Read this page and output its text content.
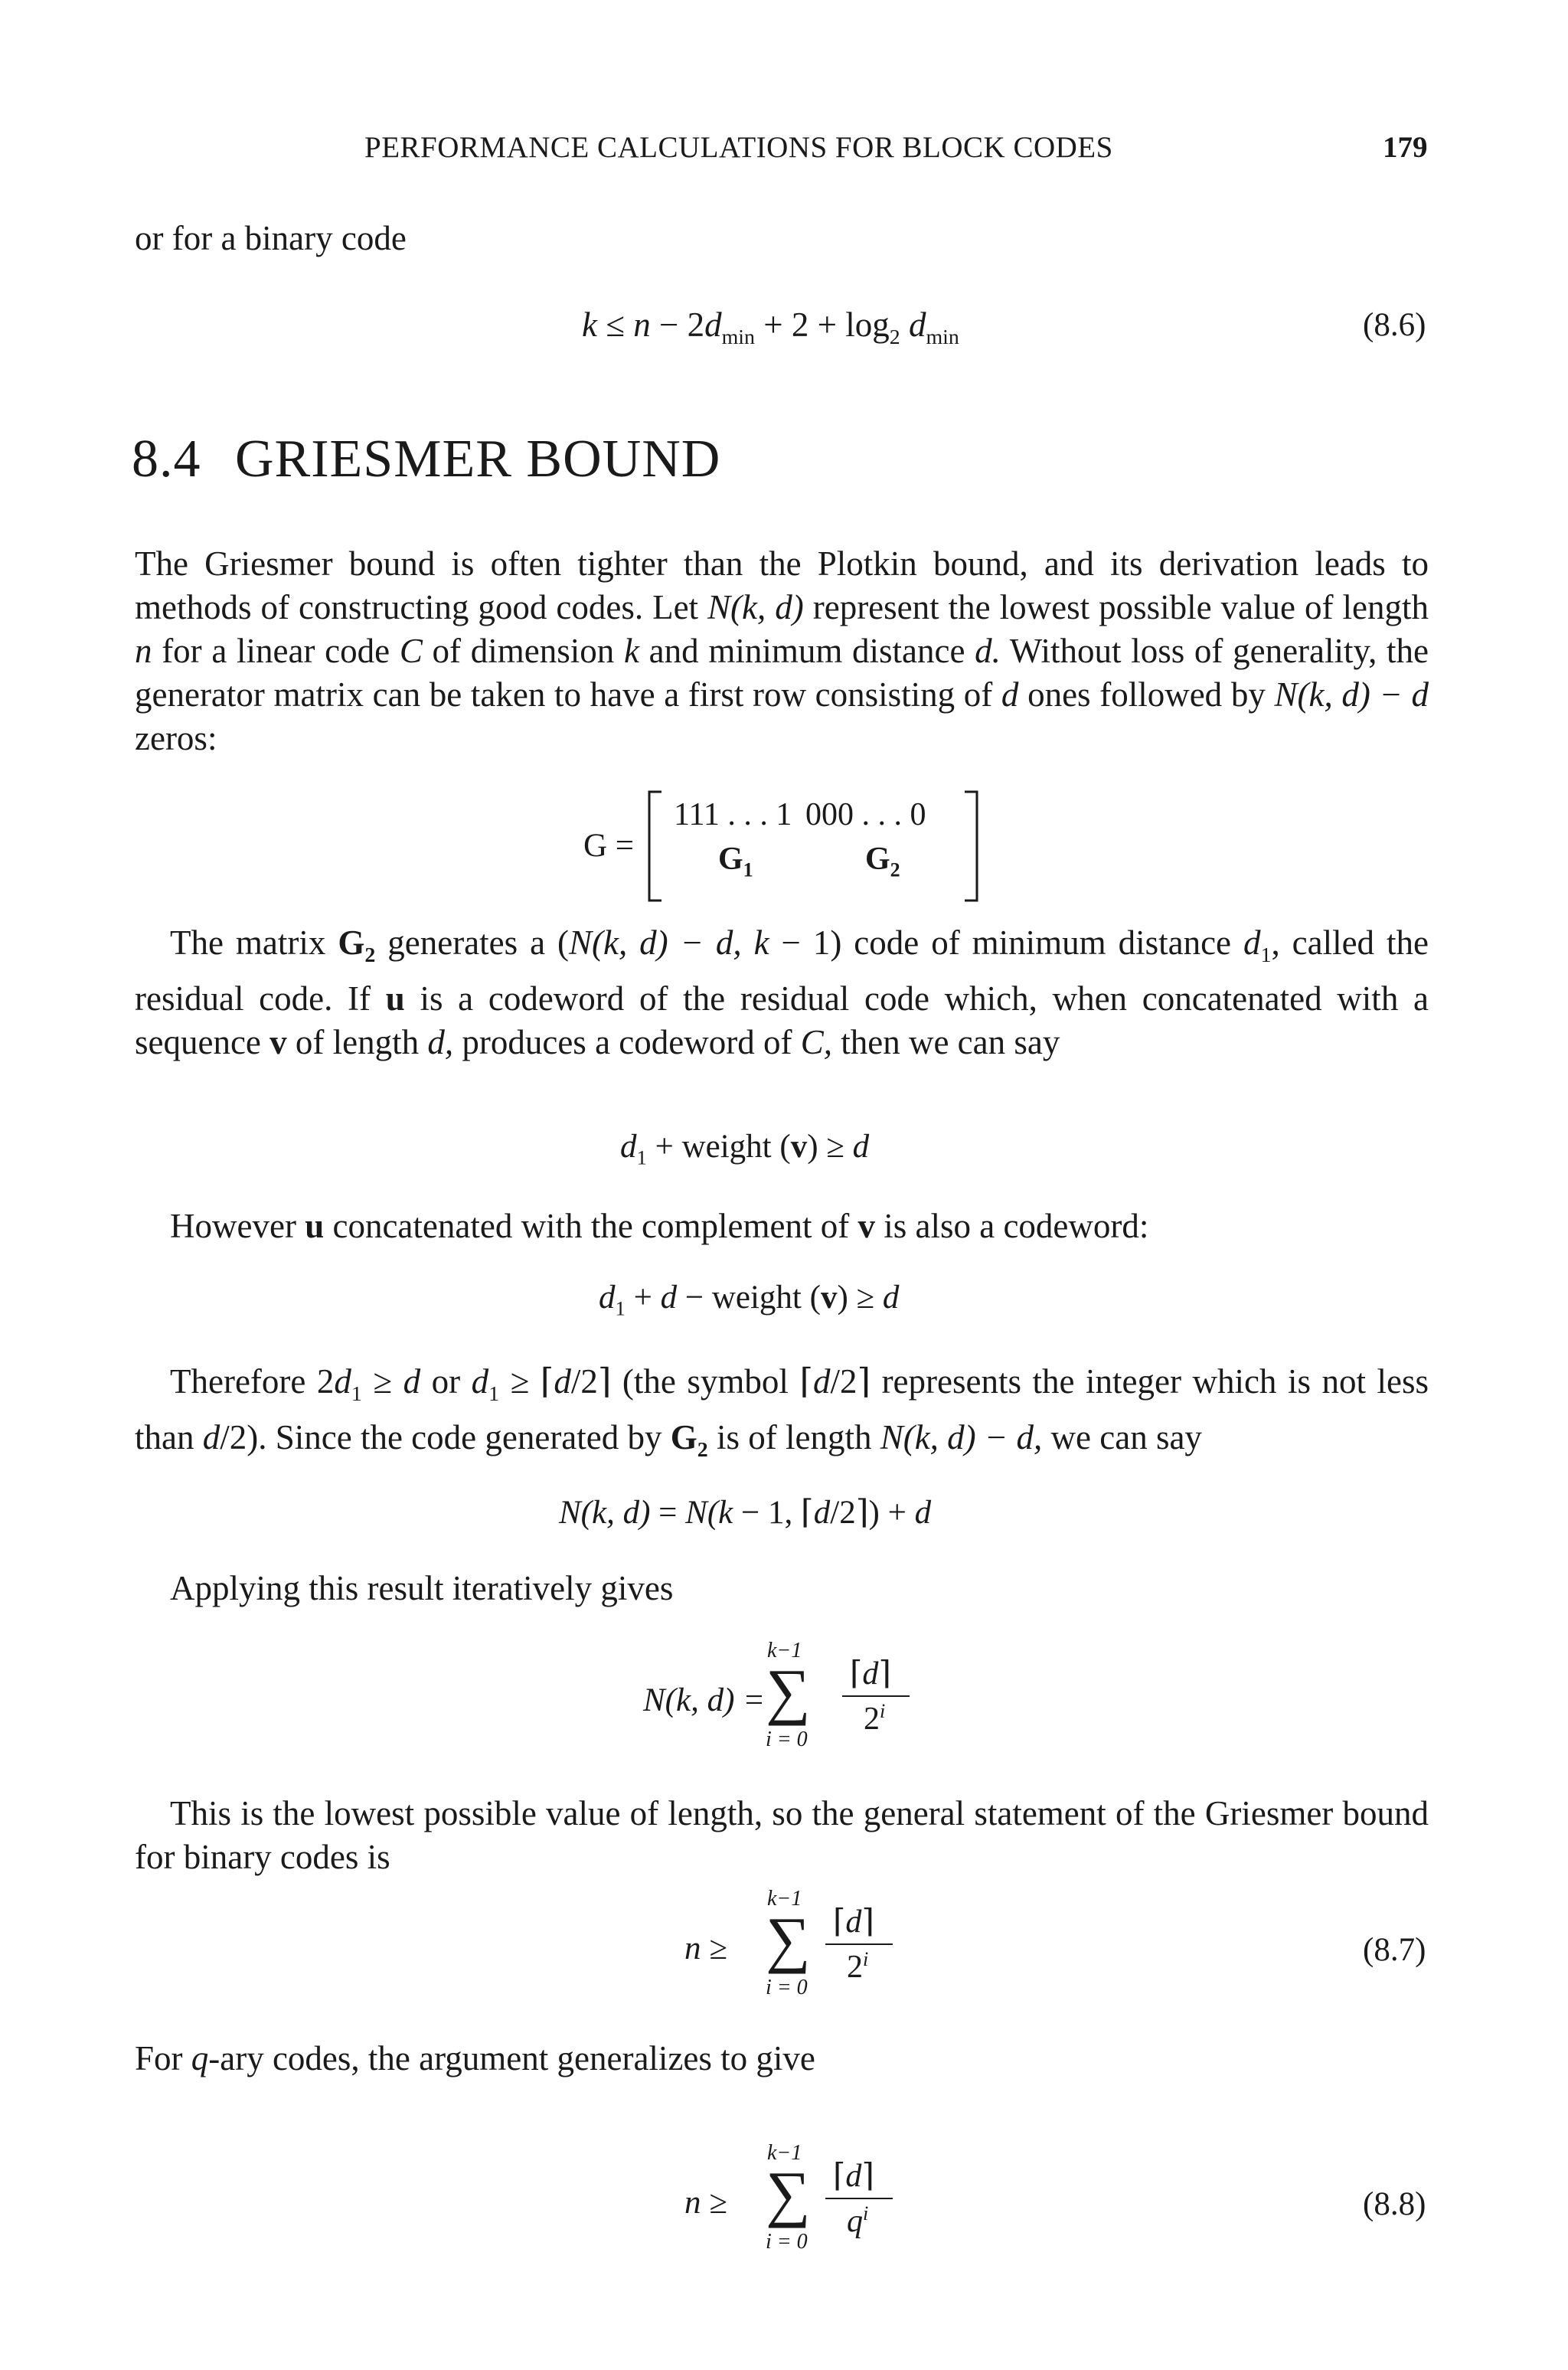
PERFORMANCE CALCULATIONS FOR BLOCK CODES	179
or for a binary code
$k \le n - 2d_{min} + 2 + \log_2 d_{min}$	(8.6)
8.4 GRIESMER BOUND
The Griesmer bound is often tighter than the Plotkin bound, and its derivation leads to methods of constructing good codes. Let N(k, d) represent the lowest possible value of length n for a linear code C of dimension k and minimum distance d. Without loss of generality, the generator matrix can be taken to have a first row consisting of d ones followed by N(k, d) − d zeros:
G =
111 . . . 1 000 . . . 0
$G_1$	$G_2$
The matrix $G_2$ generates a (N(k, d) − d, k − 1) code of minimum distance $d_1$, called the residual code. If u is a codeword of the residual code which, when concatenated with a sequence v of length d, produces a codeword of C, then we can say
$d_1$ + weight (v) ≥ d
However u concatenated with the complement of v is also a codeword:
$d_1 + d$ − weight (v) ≥ d
Therefore $2d_1 \ge d$ or $d_1$ ≥ ⌈d/2⌉ (the symbol ⌈d/2⌉ represents the integer which is not less than d/2). Since the code generated by $G_2$ is of length N(k, d) − d, we can say
N(k, d) = N(k − 1, ⌈d/2⌉) + d
Applying this result iteratively gives
N(k, d) =
k−1
∑
i = 0
⌈d⌉
2$^i$
This is the lowest possible value of length, so the general statement of the Griesmer bound for binary codes is
n ≥
k−1
∑
i = 0
⌈d⌉
2$^i$	(8.7)
For q-ary codes, the argument generalizes to give
n ≥
k−1
∑
i = 0
⌈d⌉
$q^i$	(8.8)
